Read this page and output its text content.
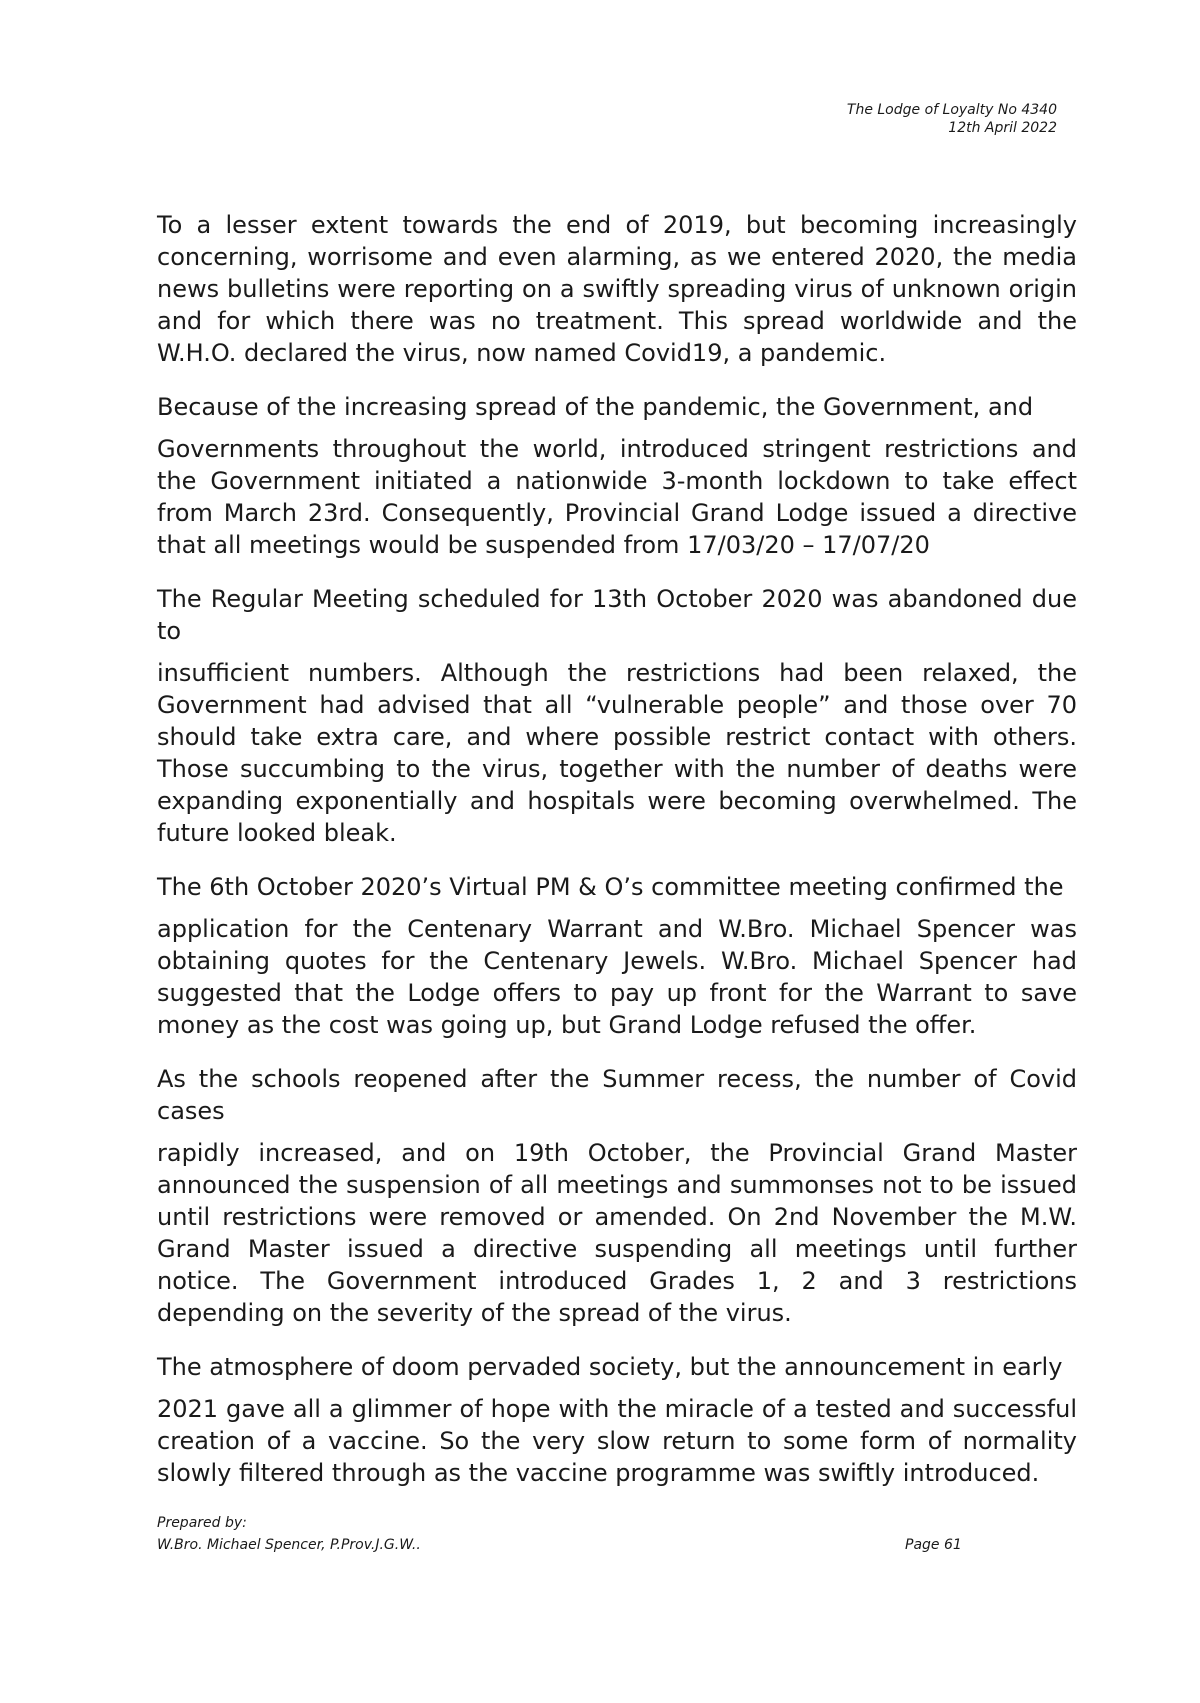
The Lodge of Loyalty No 4340
12th April 2022

To a lesser extent towards the end of 2019, but becoming increasingly concerning, worrisome and even alarming, as we entered 2020, the media news bulletins were reporting on a swiftly spreading virus of unknown origin and for which there was no treatment. This spread worldwide and the W.H.O. declared the virus, now named Covid19, a pandemic.

Because of the increasing spread of the pandemic, the Government, and
Governments throughout the world, introduced stringent restrictions and the Government initiated a nationwide 3-month lockdown to take effect from March 23rd. Consequently, Provincial Grand Lodge issued a directive that all meetings would be suspended from 17/03/20 – 17/07/20

The Regular Meeting scheduled for 13th October 2020 was abandoned due to
insufficient numbers. Although the restrictions had been relaxed, the Government had advised that all “vulnerable people” and those over 70 should take extra care, and where possible restrict contact with others. Those succumbing to the virus, together with the number of deaths were expanding exponentially and hospitals were becoming overwhelmed. The future looked bleak.

The 6th October 2020’s Virtual PM & O’s committee meeting confirmed the
application for the Centenary Warrant and W.Bro. Michael Spencer was obtaining quotes for the Centenary Jewels. W.Bro. Michael Spencer had suggested that the Lodge offers to pay up front for the Warrant to save money as the cost was going up, but Grand Lodge refused the offer.

As the schools reopened after the Summer recess, the number of Covid cases
rapidly increased, and on 19th October, the Provincial Grand Master announced the suspension of all meetings and summonses not to be issued until restrictions were removed or amended. On 2nd November the M.W. Grand Master issued a directive suspending all meetings until further notice. The Government introduced Grades 1, 2 and 3 restrictions depending on the severity of the spread of the virus.

The atmosphere of doom pervaded society, but the announcement in early
2021 gave all a glimmer of hope with the miracle of a tested and successful creation of a vaccine. So the very slow return to some form of normality slowly filtered through as the vaccine programme was swiftly introduced.

Prepared by:
W.Bro. Michael Spencer, P.Prov.J.G.W..	Page 61
